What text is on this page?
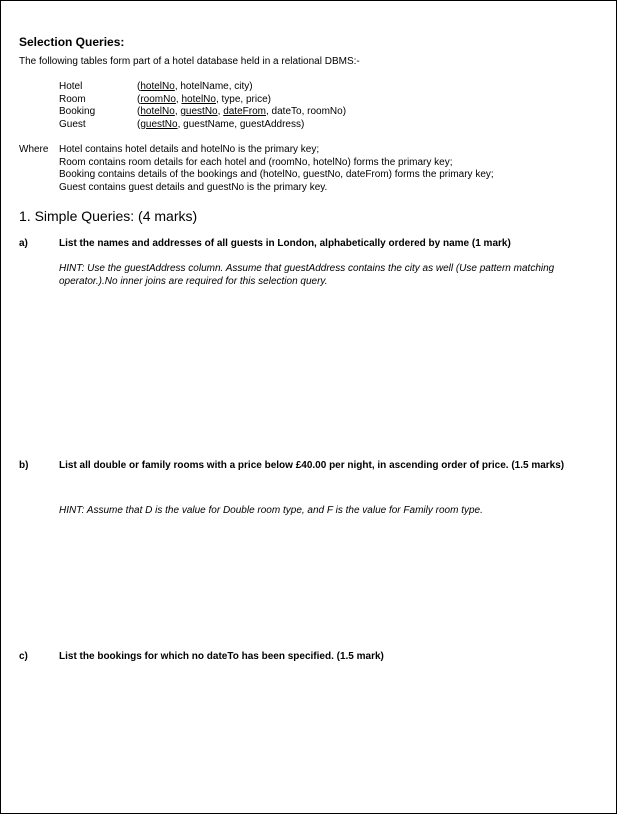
Selection Queries:
The following tables form part of a hotel database held in a relational DBMS:-
Hotel	(hotelNo, hotelName, city)
Room	(roomNo, hotelNo, type, price)
Booking	(hotelNo, guestNo, dateFrom, dateTo, roomNo)
Guest	(guestNo, guestName, guestAddress)
Where	Hotel contains hotel details and hotelNo is the primary key;
Room contains room details for each hotel and (roomNo, hotelNo) forms the primary key;
Booking contains details of the bookings and (hotelNo, guestNo, dateFrom) forms the primary key;
Guest contains guest details and guestNo is the primary key.
1. Simple Queries: (4 marks)
a)	List the names and addresses of all guests in London, alphabetically ordered by name (1 mark)
HINT: Use the guestAddress column. Assume that guestAddress contains the city as well (Use pattern matching operator.).No inner joins are required for this selection query.
b)	List all double or family rooms with a price below £40.00 per night, in ascending order of price. (1.5 marks)
HINT: Assume that D is the value for Double room type, and F is the value for Family room type.
c)	List the bookings for which no dateTo has been specified. (1.5 mark)
